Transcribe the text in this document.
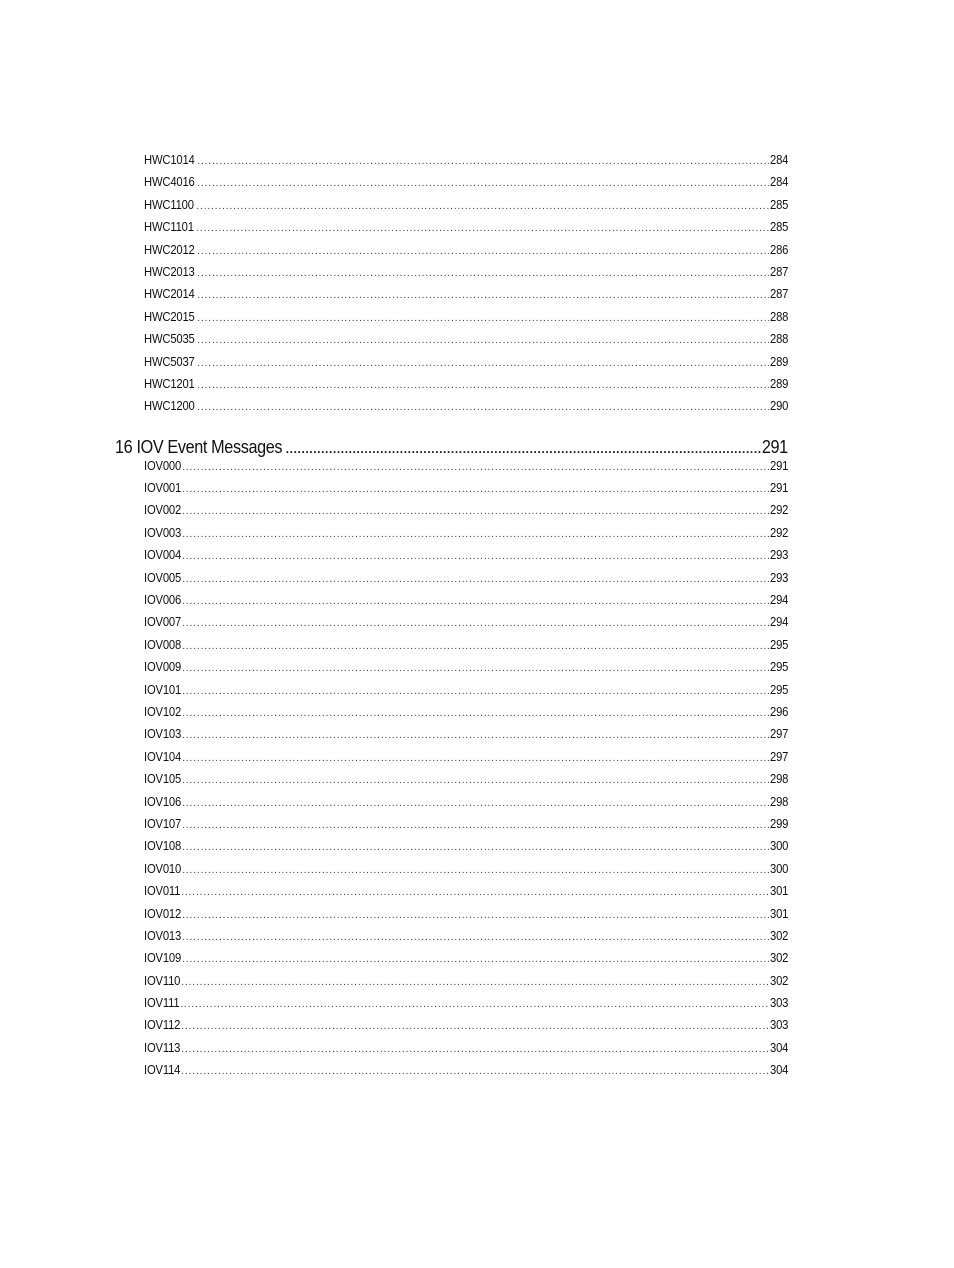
HWC1014 .....	284
HWC4016 .....	284
HWC1100 .....	285
HWC1101 .....	285
HWC2012 .....	286
HWC2013 .....	287
HWC2014 .....	287
HWC2015 .....	288
HWC5035 .....	288
HWC5037 .....	289
HWC1201 .....	289
HWC1200 .....	290
16 IOV Event Messages .....	291
IOV000 .....	291
IOV001 .....	291
IOV002 .....	292
IOV003 .....	292
IOV004 .....	293
IOV005 .....	293
IOV006 .....	294
IOV007 .....	294
IOV008 .....	295
IOV009 .....	295
IOV101 .....	295
IOV102 .....	296
IOV103 .....	297
IOV104 .....	297
IOV105 .....	298
IOV106 .....	298
IOV107 .....	299
IOV108 .....	300
IOV010 .....	300
IOV011 .....	301
IOV012 .....	301
IOV013 .....	302
IOV109 .....	302
IOV110 .....	302
IOV111 .....	303
IOV112 .....	303
IOV113 .....	304
IOV114 .....	304
